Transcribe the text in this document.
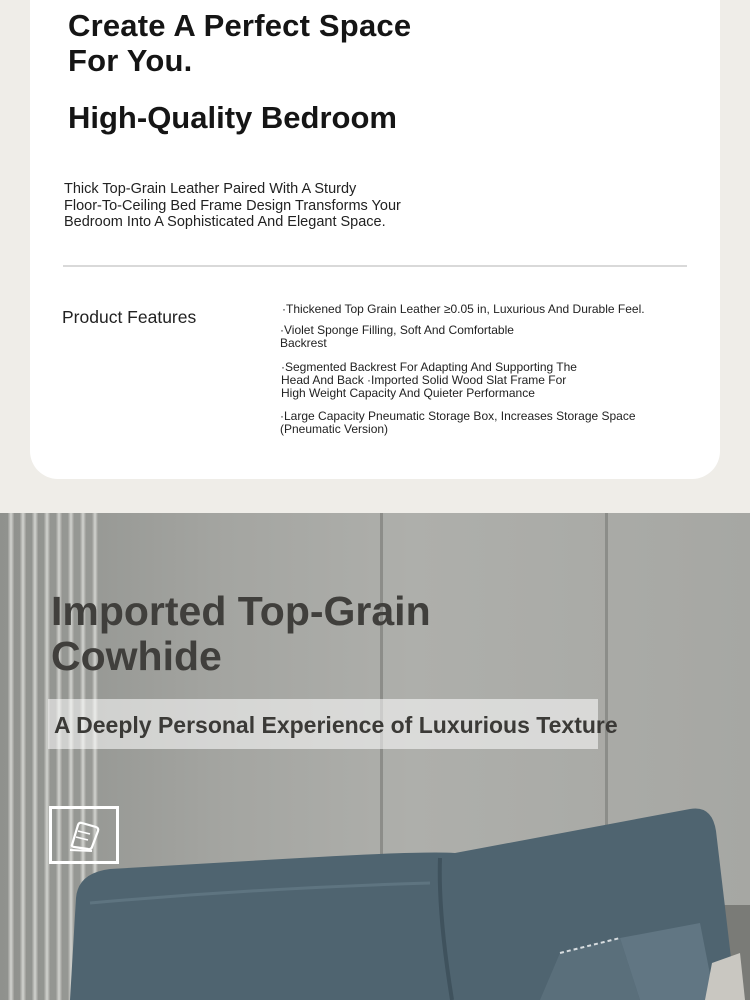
Create A Perfect Space
For You.
High-Quality Bedroom

Thick Top-Grain Leather Paired With A Sturdy
Floor-To-Ceiling Bed Frame Design Transforms Your
Bedroom Into A Sophisticated And Elegant Space.

Product Features	·Thickened Top Grain Leather ≥0.05 in, Luxurious And Durable Feel.
·Violet Sponge Filling, Soft And Comfortable
Backrest
·Segmented Backrest For Adapting And Supporting The
Head And Back ·Imported Solid Wood Slat Frame For
High Weight Capacity And Quieter Performance
·Large Capacity Pneumatic Storage Box, Increases Storage Space
(Pneumatic Version)
Imported Top-Grain
Cowhide
A Deeply Personal Experience of Luxurious Texture
